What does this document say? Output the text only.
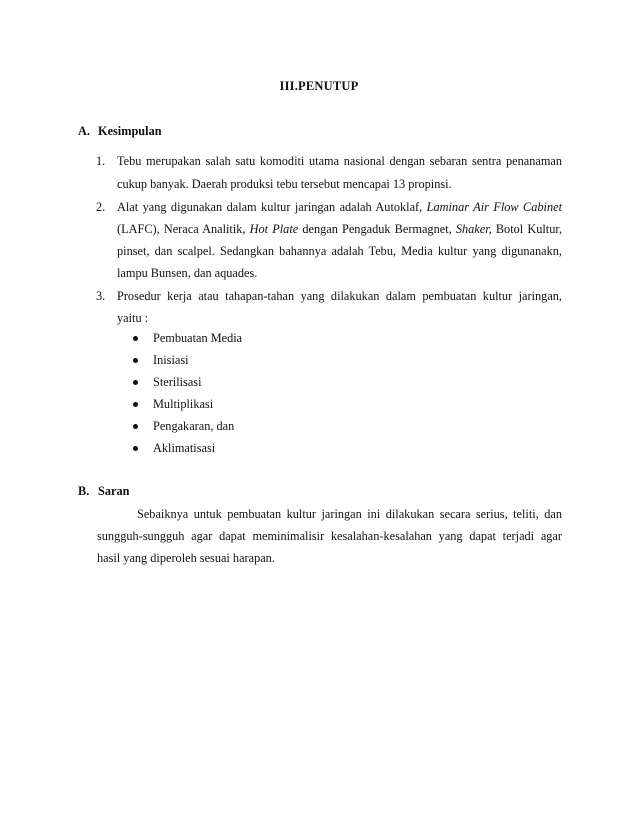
III.PENUTUP
A. Kesimpulan
1. Tebu merupakan salah satu komoditi utama nasional dengan sebaran sentra penanaman
cukup banyak. Daerah produksi tebu tersebut mencapai 13 propinsi.
2. Alat yang digunakan dalam kultur jaringan adalah Autoklaf, Laminar Air Flow Cabinet
(LAFC), Neraca Analitik, Hot Plate dengan Pengaduk Bermagnet, Shaker, Botol Kultur,
pinset, dan scalpel. Sedangkan bahannya adalah Tebu, Media kultur yang digunanakn,
lampu Bunsen, dan aquades.
3. Prosedur kerja atau tahapan-tahan yang dilakukan dalam pembuatan kultur jaringan,
yaitu :
Pembuatan Media
Inisiasi
Sterilisasi
Multiplikasi
Pengakaran, dan
Aklimatisasi
B. Saran
Sebaiknya untuk pembuatan kultur jaringan ini dilakukan secara serius, teliti, dan
sungguh-sungguh agar dapat meminimalisir kesalahan-kesalahan yang dapat terjadi agar
hasil yang diperoleh sesuai harapan.
